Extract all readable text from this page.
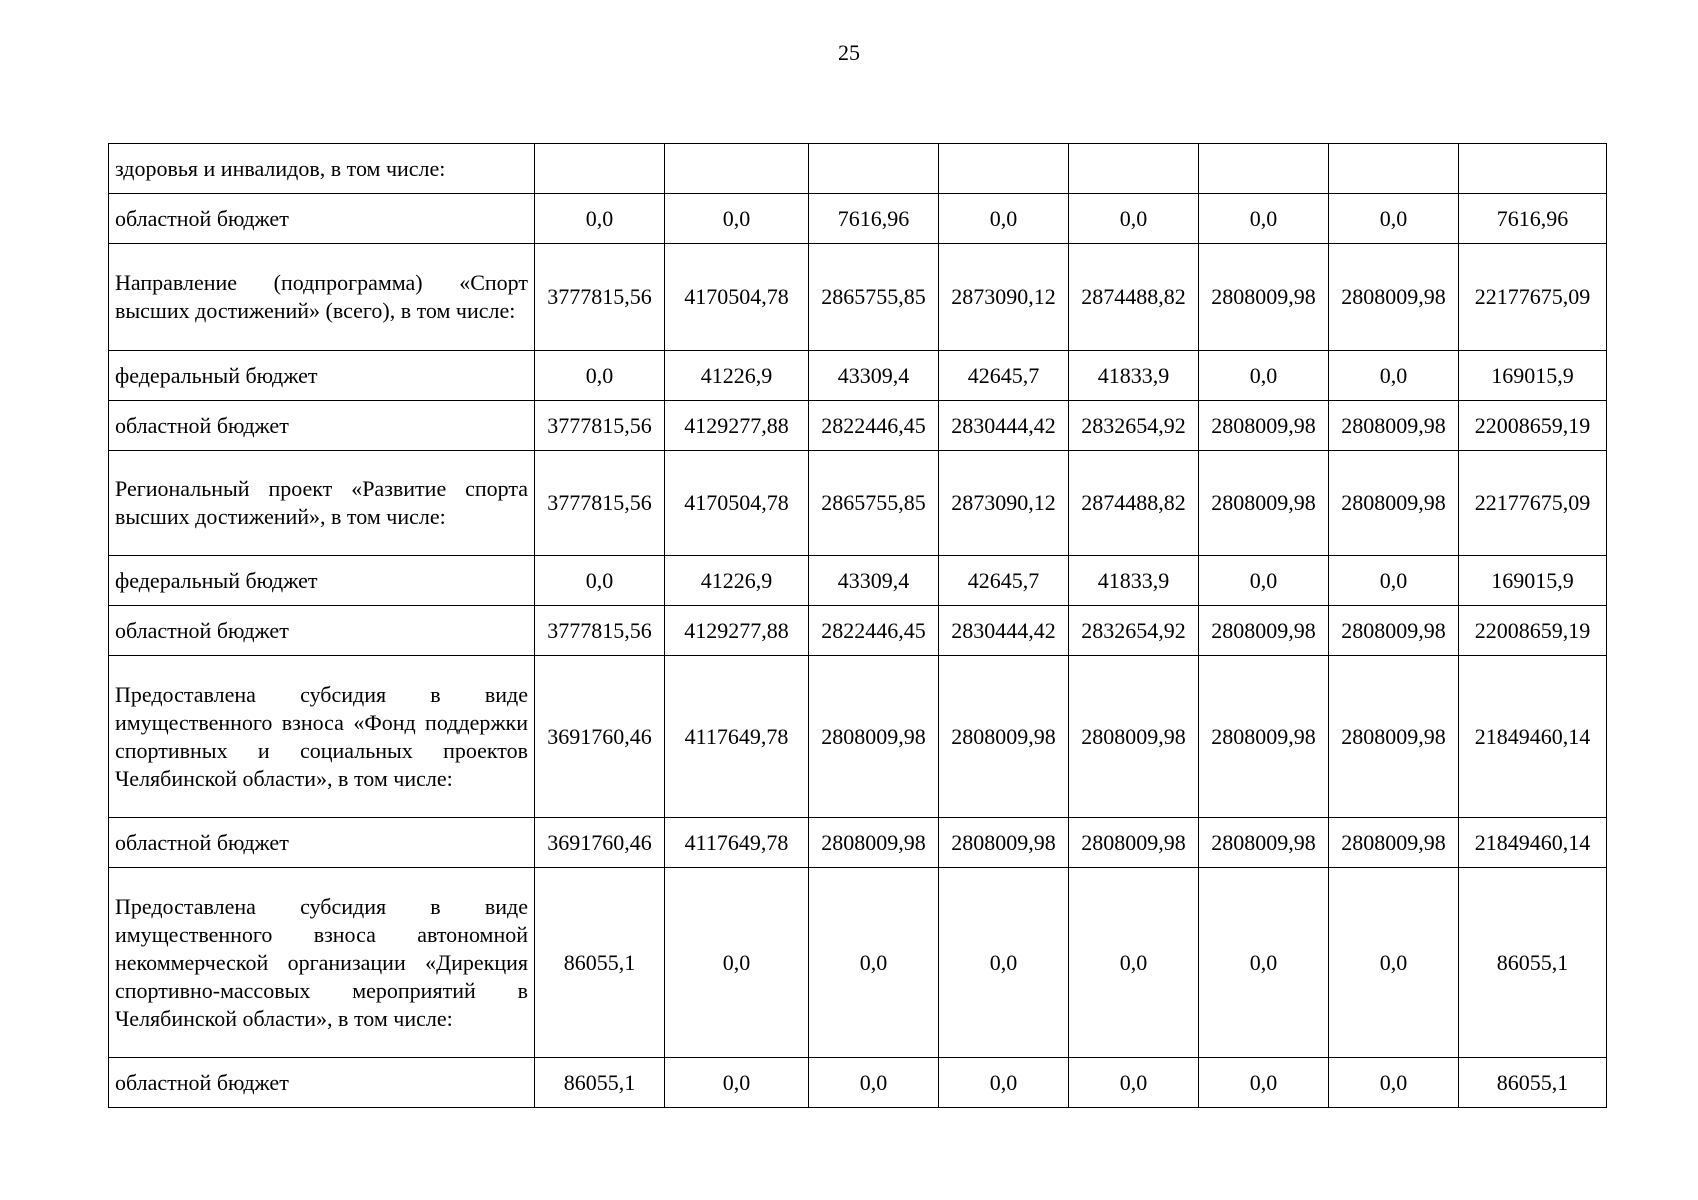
25
здоровья и инвалидов, в том числе:								
областной бюджет	0,0	0,0	7616,96	0,0	0,0	0,0	0,0	7616,96
Направление (подпрограмма) «Спорт высших достижений» (всего), в том числе:	3777815,56	4170504,78	2865755,85	2873090,12	2874488,82	2808009,98	2808009,98	22177675,09
федеральный бюджет	0,0	41226,9	43309,4	42645,7	41833,9	0,0	0,0	169015,9
областной бюджет	3777815,56	4129277,88	2822446,45	2830444,42	2832654,92	2808009,98	2808009,98	22008659,19
Региональный проект «Развитие спорта высших достижений», в том числе:	3777815,56	4170504,78	2865755,85	2873090,12	2874488,82	2808009,98	2808009,98	22177675,09
федеральный бюджет	0,0	41226,9	43309,4	42645,7	41833,9	0,0	0,0	169015,9
областной бюджет	3777815,56	4129277,88	2822446,45	2830444,42	2832654,92	2808009,98	2808009,98	22008659,19
Предоставлена субсидия в виде имущественного взноса «Фонд поддержки спортивных и социальных проектов Челябинской области», в том числе:	3691760,46	4117649,78	2808009,98	2808009,98	2808009,98	2808009,98	2808009,98	21849460,14
областной бюджет	3691760,46	4117649,78	2808009,98	2808009,98	2808009,98	2808009,98	2808009,98	21849460,14
Предоставлена субсидия в виде имущественного взноса автономной некоммерческой организации «Дирекция спортивно-массовых мероприятий в Челябинской области», в том числе:	86055,1	0,0	0,0	0,0	0,0	0,0	0,0	86055,1
областной бюджет	86055,1	0,0	0,0	0,0	0,0	0,0	0,0	86055,1
